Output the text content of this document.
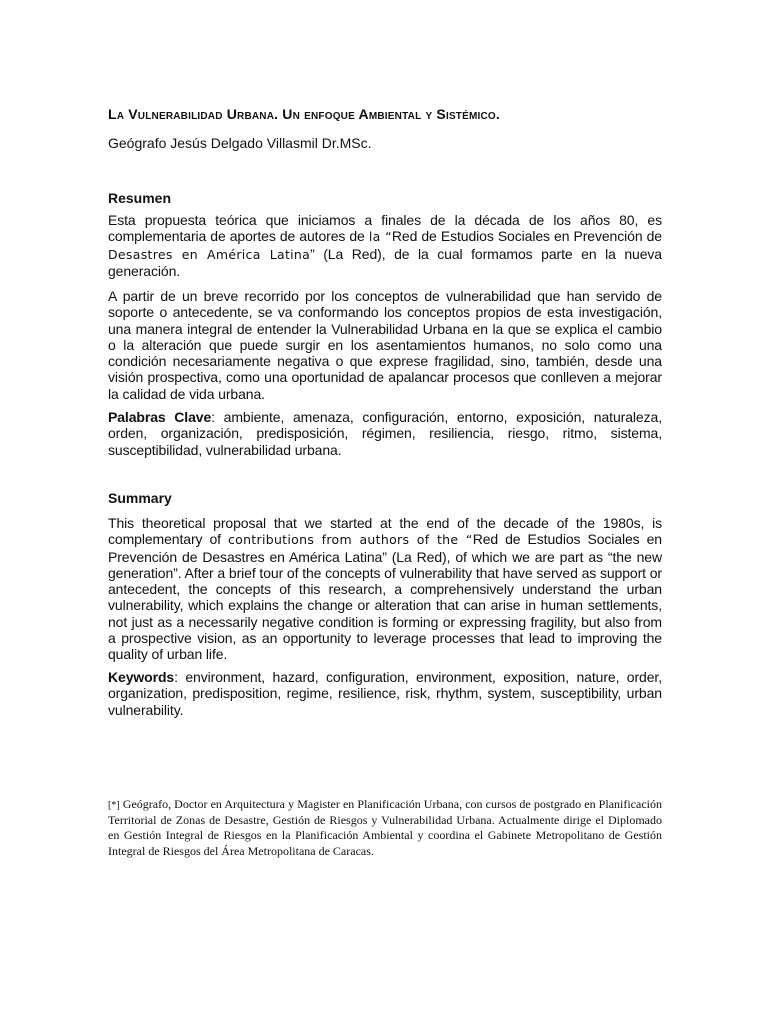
La Vulnerabilidad Urbana. Un enfoque Ambiental y Sistémico.

Geógrafo Jesús Delgado Villasmil Dr.MSc.

Resumen

Esta propuesta teórica que iniciamos a finales de la década de los años 80, es complementaria de aportes de autores de la “Red de Estudios Sociales en Prevención de Desastres en América Latina” (La Red), de la cual formamos parte en la nueva generación.

A partir de un breve recorrido por los conceptos de vulnerabilidad que han servido de soporte o antecedente, se va conformando los conceptos propios de esta investigación, una manera integral de entender la Vulnerabilidad Urbana en la que se explica el cambio o la alteración que puede surgir en los asentamientos humanos, no solo como una condición necesariamente negativa o que exprese fragilidad, sino, también, desde una visión prospectiva, como una oportunidad de apalancar procesos que conlleven a mejorar la calidad de vida urbana.

Palabras Clave: ambiente, amenaza, configuración, entorno, exposición, naturaleza, orden, organización, predisposición, régimen, resiliencia, riesgo, ritmo, sistema, susceptibilidad, vulnerabilidad urbana.

Summary

This theoretical proposal that we started at the end of the decade of the 1980s, is complementary of contributions from authors of the “Red de Estudios Sociales en Prevención de Desastres en América Latina” (La Red), of which we are part as “the new generation”. After a brief tour of the concepts of vulnerability that have served as support or antecedent, the concepts of this research, a comprehensively understand the urban vulnerability, which explains the change or alteration that can arise in human settlements, not just as a necessarily negative condition is forming or expressing fragility, but also from a prospective vision, as an opportunity to leverage processes that lead to improving the quality of urban life.

Keywords: environment, hazard, configuration, environment, exposition, nature, order, organization, predisposition, regime, resilience, risk, rhythm, system, susceptibility, urban vulnerability.

[*] Geógrafo, Doctor en Arquitectura y Magister en Planificación Urbana, con cursos de postgrado en Planificación Territorial de Zonas de Desastre, Gestión de Riesgos y Vulnerabilidad Urbana. Actualmente dirige el Diplomado en Gestión Integral de Riesgos en la Planificación Ambiental y coordina el Gabinete Metropolitano de Gestión Integral de Riesgos del Área Metropolitana de Caracas.
